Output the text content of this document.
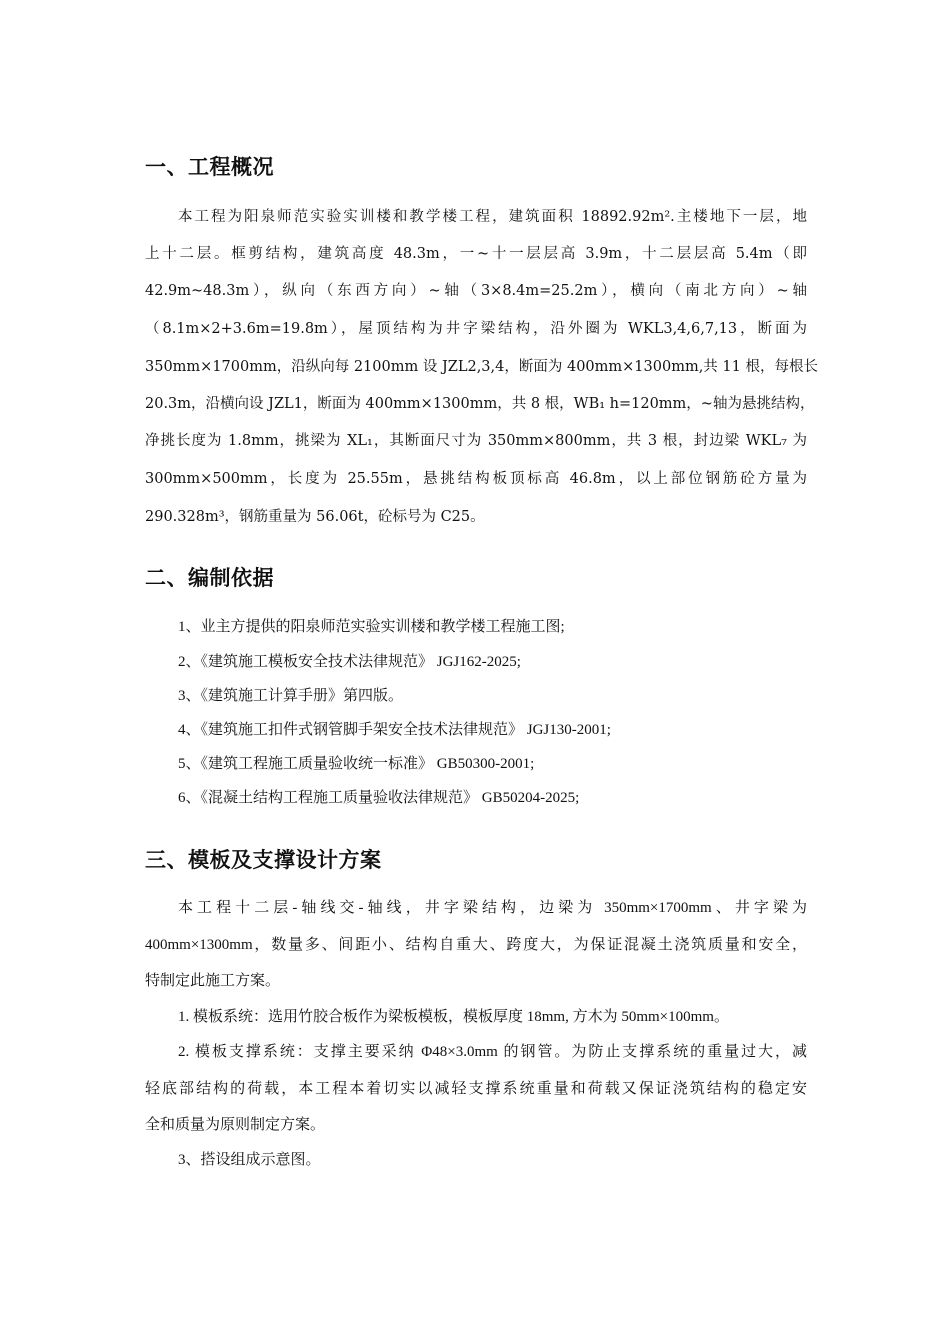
一、工程概况
本工程为阳泉师范实验实训楼和教学楼工程，建筑面积 18892.92m².主楼地下一层，地
上十二层。框剪结构，建筑高度 48.3m，一~十一层层高 3.9m，十二层层高 5.4m（即
42.9m~48.3m），纵向（东西方向）~轴（3×8.4m=25.2m），横向（南北方向）~轴
（8.1m×2+3.6m=19.8m），屋顶结构为井字梁结构，沿外圈为 WKL3,4,6,7,13，断面为
350mm×1700mm，沿纵向每 2100mm 设 JZL2,3,4，断面为 400mm×1300mm,共 11 根，每根长
20.3m，沿横向设 JZL1，断面为 400mm×1300mm，共 8 根，WB₁ h=120mm，~轴为悬挑结构，
净挑长度为 1.8mm，挑梁为 XL₁，其断面尺寸为 350mm×800mm，共 3 根，封边梁 WKL₇ 为
300mm×500mm，长度为 25.55m，悬挑结构板顶标高 46.8m，以上部位钢筋砼方量为
290.328m³，钢筋重量为 56.06t，砼标号为 C25。
二、编制依据
1、业主方提供的阳泉师范实验实训楼和教学楼工程施工图;
2、《建筑施工模板安全技术法律规范》 JGJ162-2025;
3、《建筑施工计算手册》第四版。
4、《建筑施工扣件式钢管脚手架安全技术法律规范》 JGJ130-2001;
5、《建筑工程施工质量验收统一标准》 GB50300-2001;
6、《混凝土结构工程施工质量验收法律规范》 GB50204-2025;
三、模板及支撑设计方案
本工程十二层-轴线交-轴线，井字梁结构，边梁为 350mm×1700mm、井字梁为
400mm×1300mm，数量多、间距小、结构自重大、跨度大，为保证混凝土浇筑质量和安全，
特制定此施工方案。
1. 模板系统：选用竹胶合板作为梁板模板，模板厚度 18mm, 方木为 50mm×100mm。
2. 模板支撑系统：支撑主要采纳 Φ48×3.0mm 的钢管。为防止支撑系统的重量过大，减
轻底部结构的荷载，本工程本着切实以减轻支撑系统重量和荷载又保证浇筑结构的稳定安
全和质量为原则制定方案。
3、搭设组成示意图。
